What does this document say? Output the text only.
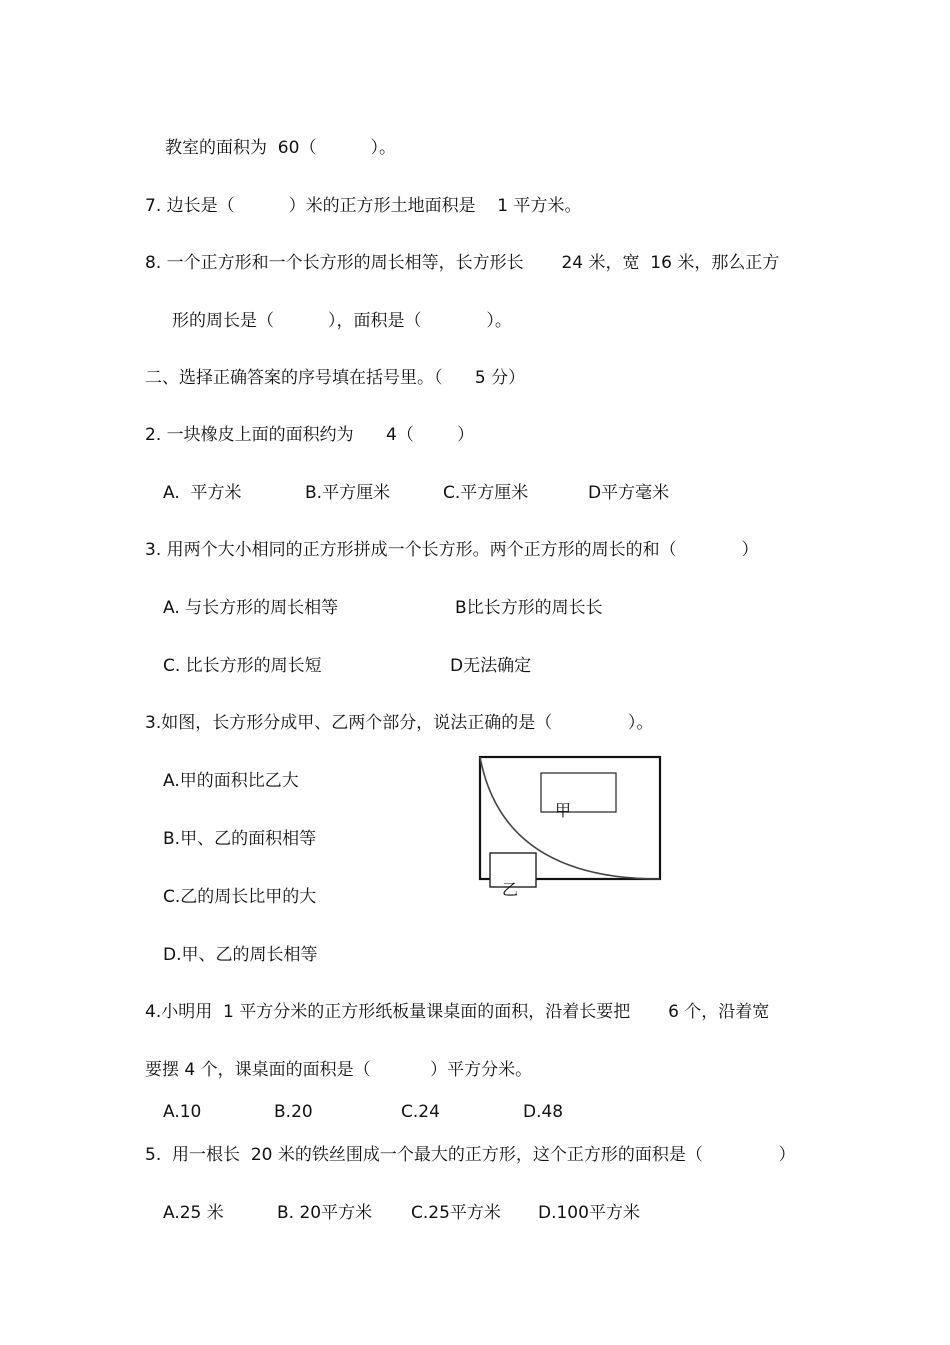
教室的面积为  60（          ）。
7. 边长是（          ）米的正方形土地面积是    1 平方米。
8. 一个正方形和一个长方形的周长相等，长方形长       24 米，宽  16 米，那么正方
形的周长是（          ），面积是（            ）。
二、选择正确答案的序号填在括号里。（      5 分）
2. 一块橡皮上面的面积约为      4（        ）
A.  平方米	B.平方厘米	C.平方厘米	D平方毫米
3. 用两个大小相同的正方形拼成一个长方形。两个正方形的周长的和（            ）
A. 与长方形的周长相等	B比长方形的周长长
C. 比长方形的周长短	D无法确定
3.如图，长方形分成甲、乙两个部分，说法正确的是（              ）。
A.甲的面积比乙大
B.甲、乙的面积相等
C.乙的周长比甲的大
D.甲、乙的周长相等
甲
乙
4.小明用  1 平方分米的正方形纸板量课桌面的面积，沿着长要把       6 个，沿着宽
要摆 4 个，课桌面的面积是（           ）平方分米。
A.10	B.20	C.24	D.48
5.  用一根长  20 米的铁丝围成一个最大的正方形，这个正方形的面积是（              ）
A.25 米	B. 20平方米 C.25平方米 D.100平方米
